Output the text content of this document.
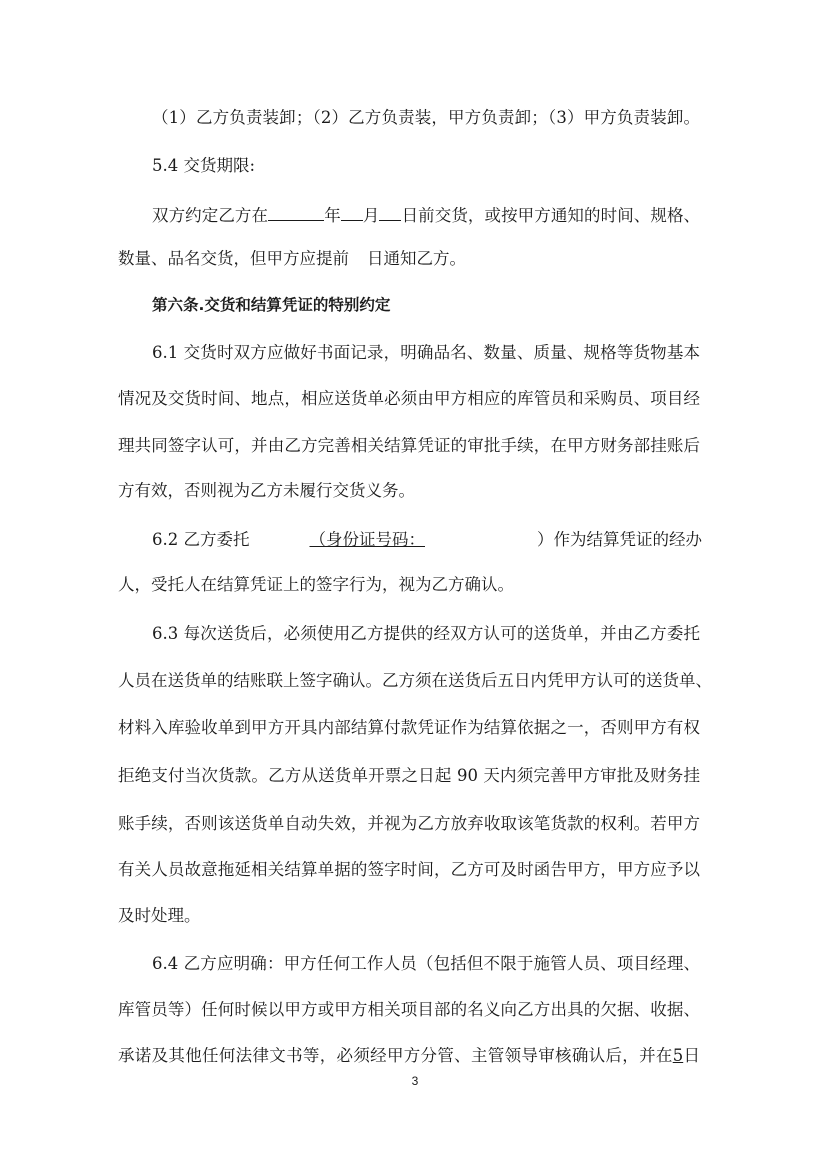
（1）乙方负责装卸；（2）乙方负责装，甲方负责卸；（3）甲方负责装卸。
5.4 交货期限:
双方约定乙方在	年 月 日前交货，或按甲方通知的时间、规格、
数量、品名交货，但甲方应提前 日通知乙方。
第六条.交货和结算凭证的特别约定
6.1 交货时双方应做好书面记录，明确品名、数量、质量、规格等货物基本
情况及交货时间、地点，相应送货单必须由甲方相应的库管员和采购员、项目经
理共同签字认可，并由乙方完善相关结算凭证的审批手续，在甲方财务部挂账后
方有效，否则视为乙方未履行交货义务。
6.2 乙方委托	（身份证号码：	）作为结算凭证的经办
人，受托人在结算凭证上的签字行为，视为乙方确认。
6.3 每次送货后，必须使用乙方提供的经双方认可的送货单，并由乙方委托
人员在送货单的结账联上签字确认。乙方须在送货后五日内凭甲方认可的送货单、
材料入库验收单到甲方开具内部结算付款凭证作为结算依据之一，否则甲方有权
拒绝支付当次货款。乙方从送货单开票之日起 90 天内须完善甲方审批及财务挂
账手续，否则该送货单自动失效，并视为乙方放弃收取该笔货款的权利。若甲方
有关人员故意拖延相关结算单据的签字时间，乙方可及时函告甲方，甲方应予以
及时处理。
6.4 乙方应明确：甲方任何工作人员（包括但不限于施管人员、项目经理、
库管员等）任何时候以甲方或甲方相关项目部的名义向乙方出具的欠据、收据、
承诺及其他任何法律文书等，必须经甲方分管、主管领导审核确认后，并在5日
3
